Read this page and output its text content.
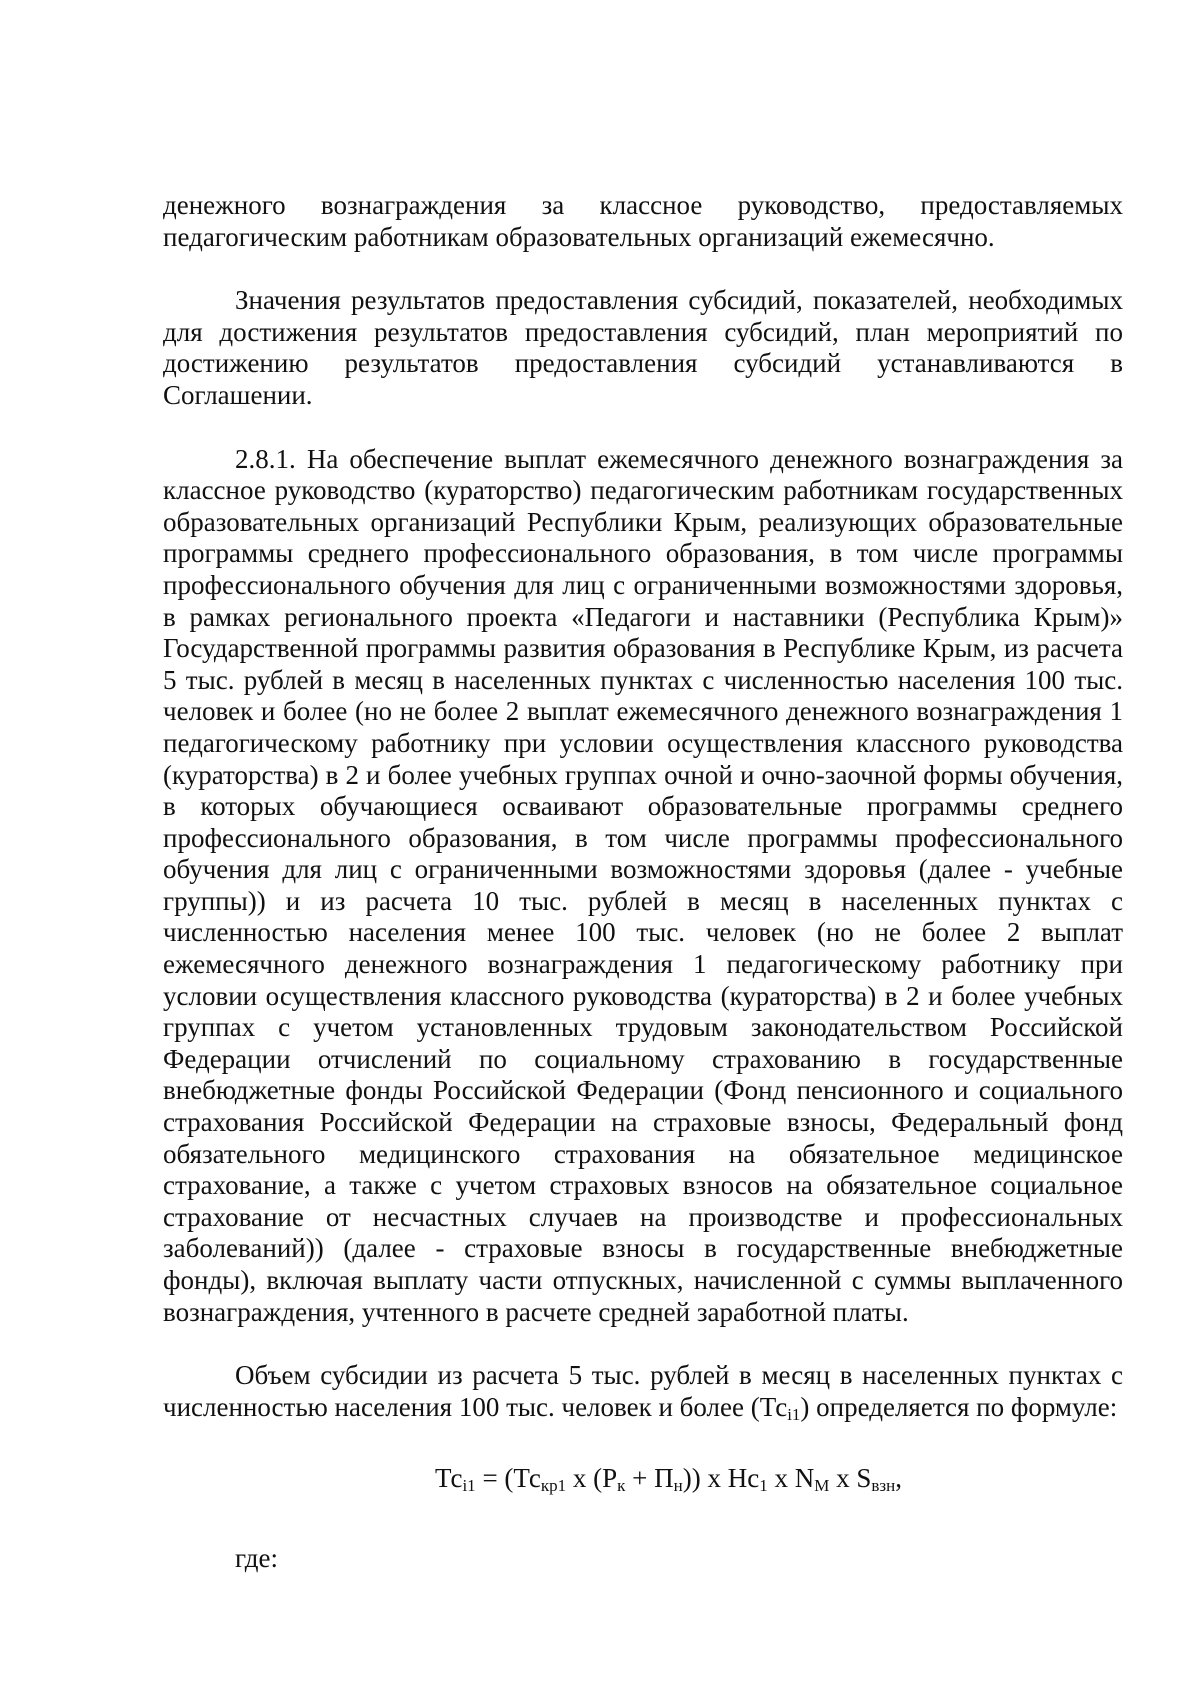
денежного вознаграждения за классное руководство, предоставляемых педагогическим работникам образовательных организаций ежемесячно.

Значения результатов предоставления субсидий, показателей, необходимых для достижения результатов предоставления субсидий, план мероприятий по достижению результатов предоставления субсидий устанавливаются в Соглашении.

2.8.1. На обеспечение выплат ежемесячного денежного вознаграждения за классное руководство (кураторство) педагогическим работникам государственных образовательных организаций Республики Крым, реализующих образовательные программы среднего профессионального образования, в том числе программы профессионального обучения для лиц с ограниченными возможностями здоровья, в рамках регионального проекта «Педагоги и наставники (Республика Крым)» Государственной программы развития образования в Республике Крым, из расчета 5 тыс. рублей в месяц в населенных пунктах с численностью населения 100 тыс. человек и более (но не более 2 выплат ежемесячного денежного вознаграждения 1 педагогическому работнику при условии осуществления классного руководства (кураторства) в 2 и более учебных группах очной и очно-заочной формы обучения, в которых обучающиеся осваивают образовательные программы среднего профессионального образования, в том числе программы профессионального обучения для лиц с ограниченными возможностями здоровья (далее - учебные группы)) и из расчета 10 тыс. рублей в месяц в населенных пунктах с численностью населения менее 100 тыс. человек (но не более 2 выплат ежемесячного денежного вознаграждения 1 педагогическому работнику при условии осуществления классного руководства (кураторства) в 2 и более учебных группах с учетом установленных трудовым законодательством Российской Федерации отчислений по социальному страхованию в государственные внебюджетные фонды Российской Федерации (Фонд пенсионного и социального страхования Российской Федерации на страховые взносы, Федеральный фонд обязательного медицинского страхования на обязательное медицинское страхование, а также с учетом страховых взносов на обязательное социальное страхование от несчастных случаев на производстве и профессиональных заболеваний)) (далее - страховые взносы в государственные внебюджетные фонды), включая выплату части отпускных, начисленной с суммы выплаченного вознаграждения, учтенного в расчете средней заработной платы.

Объем субсидии из расчета 5 тыс. рублей в месяц в населенных пунктах с численностью населения 100 тыс. человек и более $(Тс_{i1})$ определяется по формуле:

$Тс_{i1} = (Тс_{кр1}$ х $(Р_к + П_н)$) х $Нс_1$ х $N_М$ х $S_{взн}$,
где:
